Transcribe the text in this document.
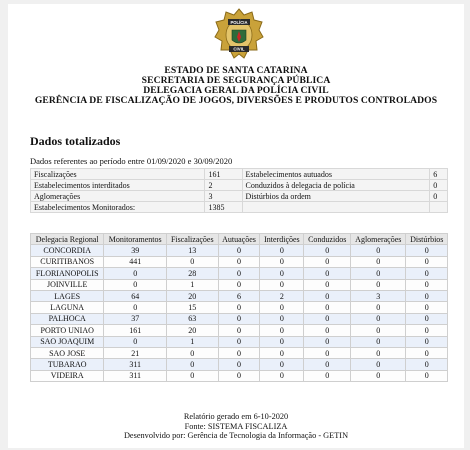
POLÍCIA
CIVIL
ESTADO DE SANTA CATARINA
SECRETARIA DE SEGURANÇA PÚBLICA
DELEGACIA GERAL DA POLÍCIA CIVIL
GERÊNCIA DE FISCALIZAÇÃO DE JOGOS, DIVERSÕES E PRODUTOS CONTROLADOS
Dados totalizados
Dados referentes ao período entre 01/09/2020 e 30/09/2020
Fiscalizações	161	Estabelecimentos autuados	6
Estabelecimentos interditados	2	Conduzidos à delegacia de polícia	0
Aglomerações	3	Distúrbios da ordem	0
Estabelecimentos Monitorados:	1385		
Delegacia Regional	Monitoramentos	Fiscalizações	Autuações	Interdições	Conduzidos	Aglomerações	Distúrbios
CONCORDIA	39	13	0	0	0	0	0
CURITIBANOS	441	0	0	0	0	0	0
FLORIANOPOLIS	0	28	0	0	0	0	0
JOINVILLE	0	1	0	0	0	0	0
LAGES	64	20	6	2	0	3	0
LAGUNA	0	15	0	0	0	0	0
PALHOCA	37	63	0	0	0	0	0
PORTO UNIAO	161	20	0	0	0	0	0
SAO JOAQUIM	0	1	0	0	0	0	0
SAO JOSE	21	0	0	0	0	0	0
TUBARAO	311	0	0	0	0	0	0
VIDEIRA	311	0	0	0	0	0	0
Relatório gerado em 6-10-2020
Fonte: SISTEMA FISCALIZA
Desenvolvido por: Gerência de Tecnologia da Informação - GETIN
